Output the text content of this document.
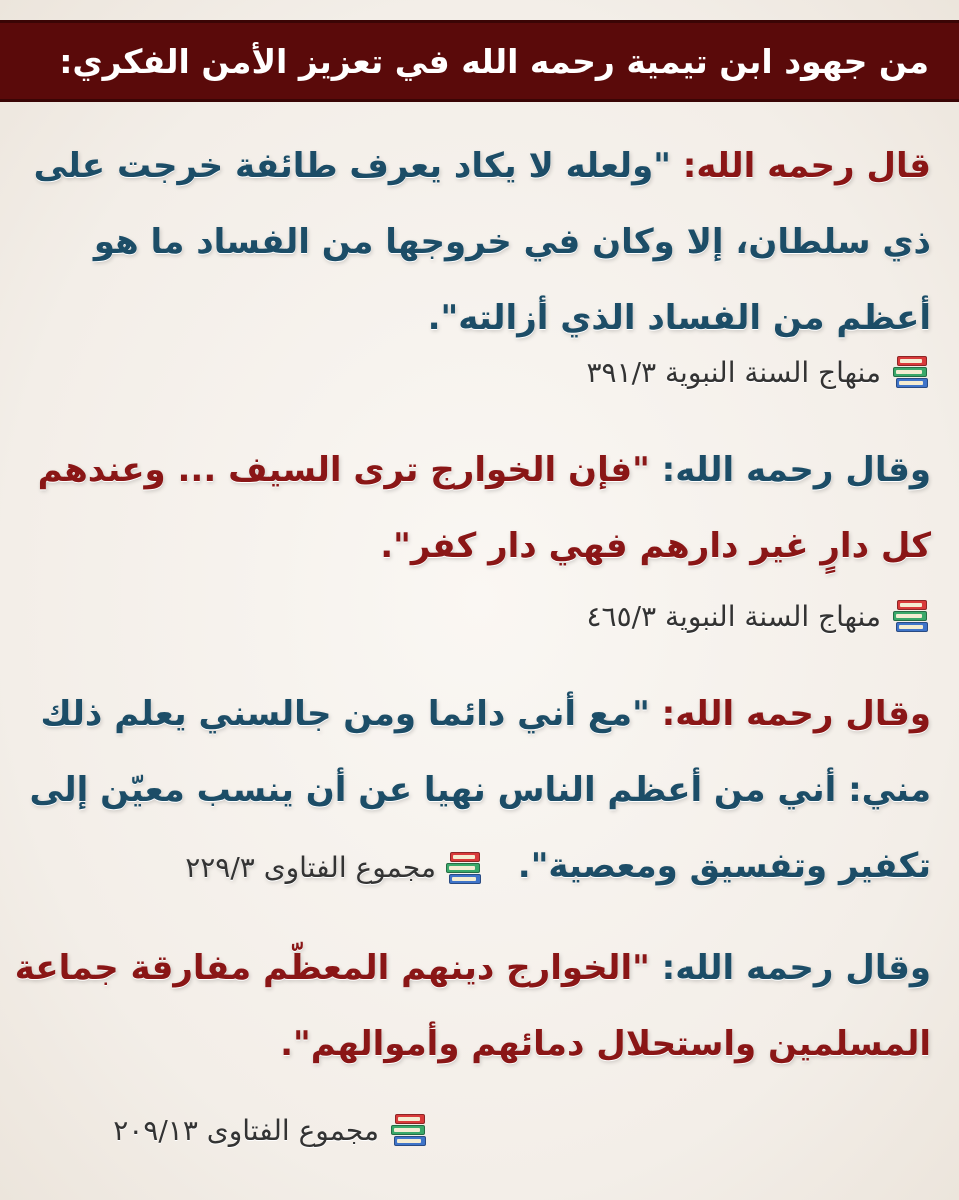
من جهود ابن تيمية رحمه الله في تعزيز الأمن الفكري:
قال رحمه الله: "ولعله لا يكاد يعرف طائفة خرجت على
ذي سلطان، إلا وكان في خروجها من الفساد ما هو
أعظم من الفساد الذي أزالته".
منهاج السنة النبوية ٣٩١/٣
وقال رحمه الله: "فإن الخوارج ترى السيف ... وعندهم
كل دارٍ غير دارهم فهي دار كفر".
منهاج السنة النبوية ٤٦٥/٣
وقال رحمه الله: "مع أني دائما ومن جالسني يعلم ذلك
مني: أني من أعظم الناس نهيا عن أن ينسب معيّن إلى
تكفير وتفسيق ومعصية".
مجموع الفتاوى ٢٢٩/٣
وقال رحمه الله: "الخوارج دينهم المعظّم مفارقة جماعة
المسلمين واستحلال دمائهم وأموالهم".
مجموع الفتاوى ٢٠٩/١٣
